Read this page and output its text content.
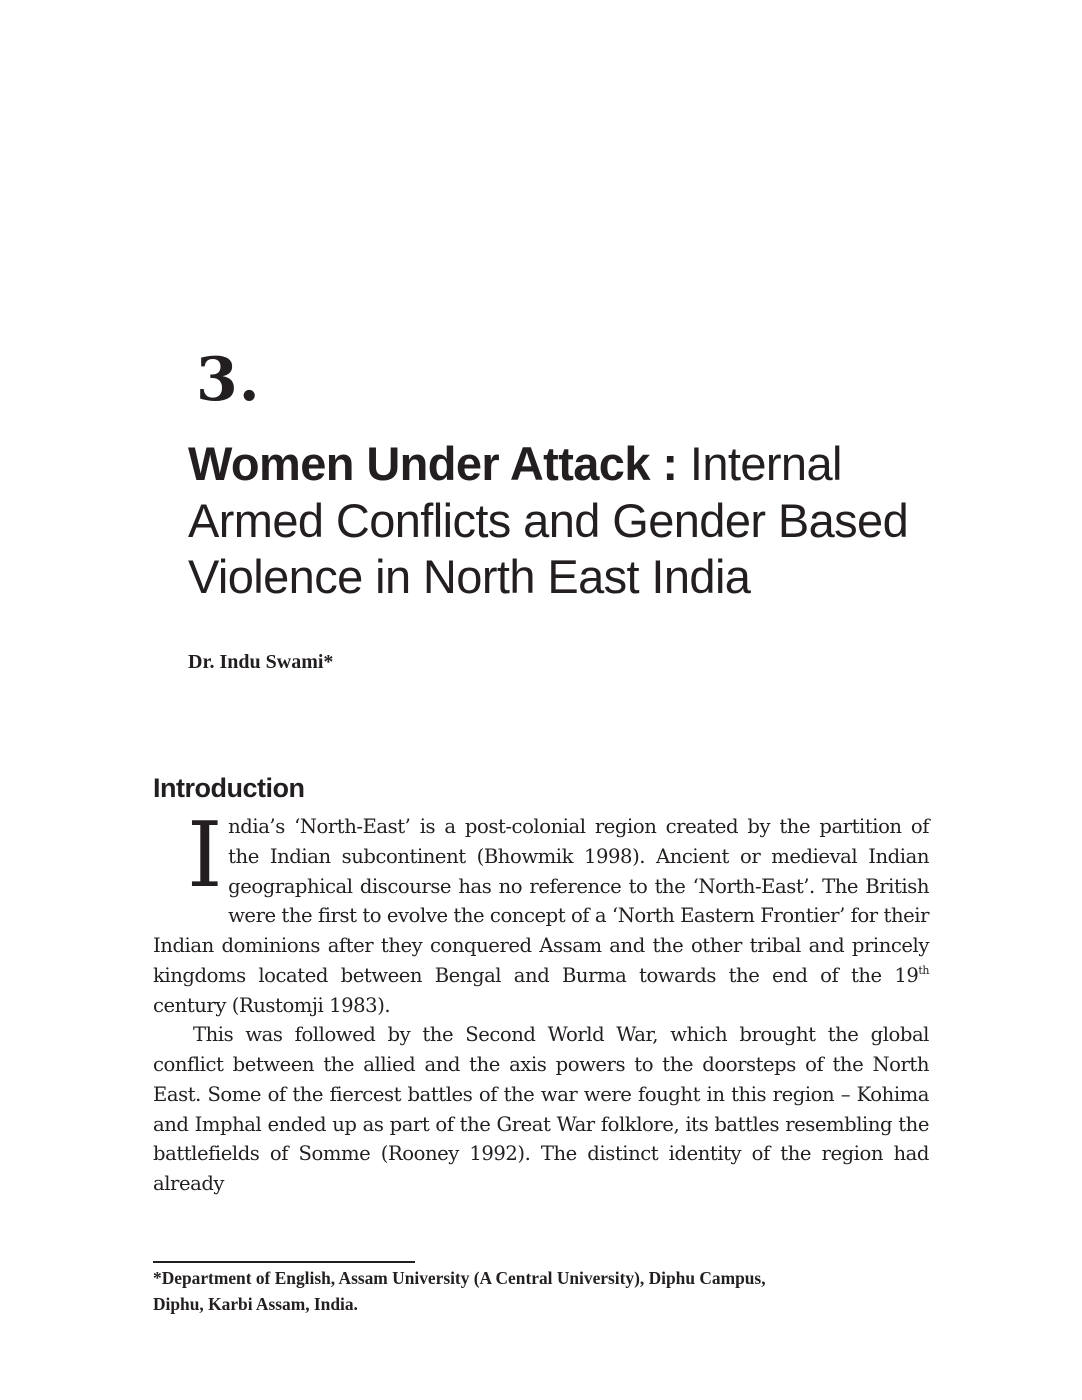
3.
Women Under Attack : Internal
Armed Conflicts and Gender Based
Violence in North East India
Dr. Indu Swami*
Introduction

India’s ‘North-East’ is a post-colonial region created by the partition of the Indian subcontinent (Bhowmik 1998). Ancient or medieval Indian geographical discourse has no reference to the ‘North-East’. The British were the first to evolve the concept of a ‘North Eastern Frontier’ for their Indian dominions after they conquered Assam and the other tribal and princely kingdoms located between Bengal and Burma towards the end of the 19th century (Rustomji 1983).

This was followed by the Second World War, which brought the global conflict between the allied and the axis powers to the doorsteps of the North East. Some of the fiercest battles of the war were fought in this region – Kohima and Imphal ended up as part of the Great War folklore, its battles resembling the battlefields of Somme (Rooney 1992). The distinct identity of the region had already

*Department of English, Assam University (A Central University), Diphu Campus,

Diphu, Karbi Assam, India.
